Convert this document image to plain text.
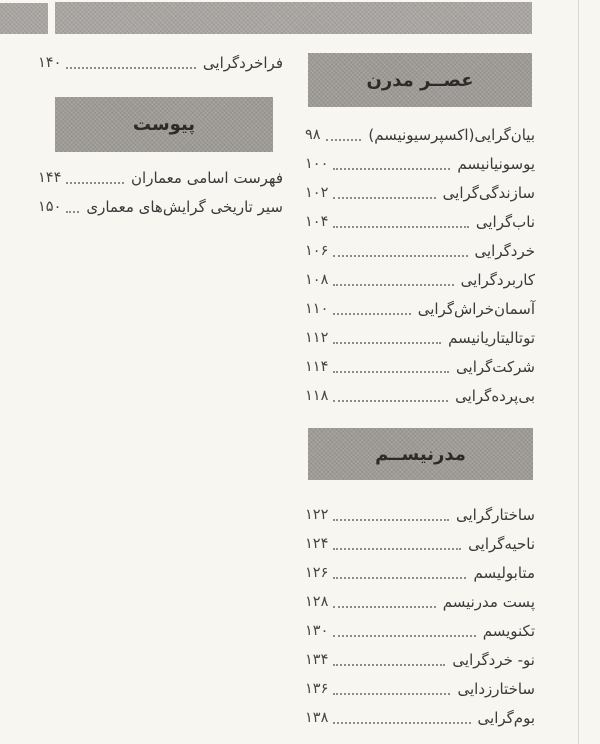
فراخردگرایی
۱۴۰
پیوست
فهرست اسامی معماران
۱۴۴
سیر تاریخی گرایش‌های معماری
۱۵۰
عصــر مدرن
بیان‌گرایی(اکسپرسیونیسم)
۹۸
یوسونیانیسم
۱۰۰
سازندگی‌گرایی
۱۰۲
ناب‌گرایی
۱۰۴
خردگرایی
۱۰۶
کاربردگرایی
۱۰۸
آسمان‌خراش‌گرایی
۱۱۰
توتالیتاریانیسم
۱۱۲
شرکت‌گرایی
۱۱۴
بی‌پرده‌گرایی
۱۱۸
مدرنیســم
ساختارگرایی
۱۲۲
ناحیه‌گرایی
۱۲۴
متابولیسم
۱۲۶
پست مدرنیسم
۱۲۸
تکنویسم
۱۳۰
نو- خردگرایی
۱۳۴
ساختارزدایی
۱۳۶
بوم‌گرایی
۱۳۸
